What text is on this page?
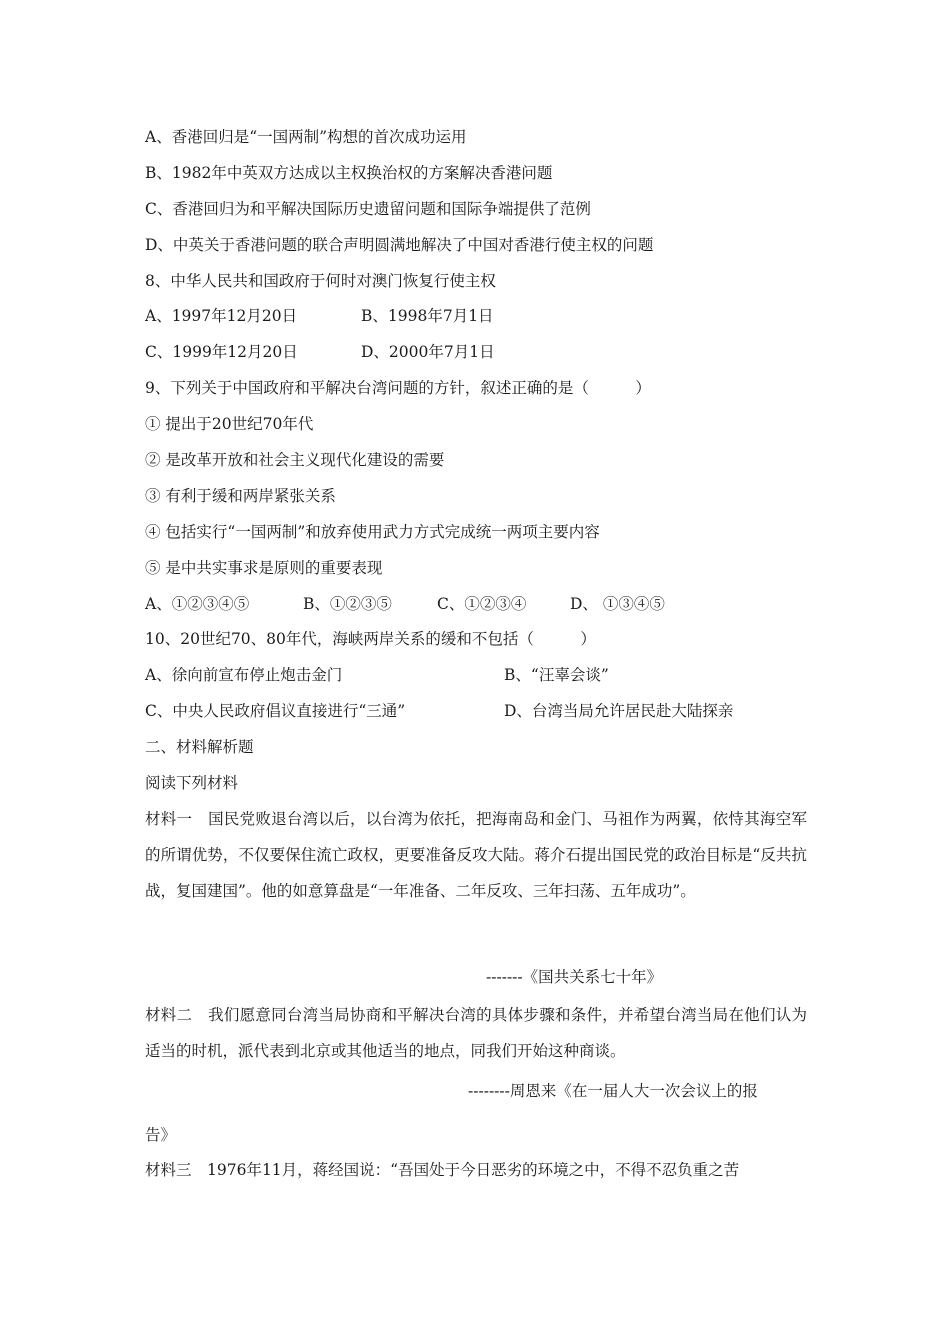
A、香港回归是“一国两制”构想的首次成功运用
B、1982年中英双方达成以主权换治权的方案解决香港问题
C、香港回归为和平解决国际历史遗留问题和国际争端提供了范例
D、中英关于香港问题的联合声明圆满地解决了中国对香港行使主权的问题
8、中华人民共和国政府于何时对澳门恢复行使主权
A、1997年12月20日	B、1998年7月1日
C、1999年12月20日	D、2000年7月1日
9、下列关于中国政府和平解决台湾问题的方针，叙述正确的是（　　　）
① 提出于20世纪70年代
② 是改革开放和社会主义现代化建设的需要
③ 有利于缓和两岸紧张关系
④ 包括实行“一国两制”和放弃使用武力方式完成统一两项主要内容
⑤ 是中共实事求是原则的重要表现
A、①②③④⑤	B、①②③⑤	C、①②③④	D、 ①③④⑤
10、20世纪70、80年代，海峡两岸关系的缓和不包括（　　　）
A、徐向前宣布停止炮击金门	B、“汪辜会谈”
C、中央人民政府倡议直接进行“三通”	D、台湾当局允许居民赴大陆探亲
二、材料解析题
阅读下列材料
材料一　国民党败退台湾以后，以台湾为依托，把海南岛和金门、马祖作为两翼，依恃其海空军的所谓优势，不仅要保住流亡政权，更要准备反攻大陆。蒋介石提出国民党的政治目标是“反共抗战，复国建国”。他的如意算盘是“一年准备、二年反攻、三年扫荡、五年成功”。
-------《国共关系七十年》
材料二　我们愿意同台湾当局协商和平解决台湾的具体步骤和条件，并希望台湾当局在他们认为适当的时机，派代表到北京或其他适当的地点，同我们开始这种商谈。
--------周恩来《在一届人大一次会议上的报
告》
材料三　1976年11月，蒋经国说：“吾国处于今日恶劣的环境之中，不得不忍负重之苦
